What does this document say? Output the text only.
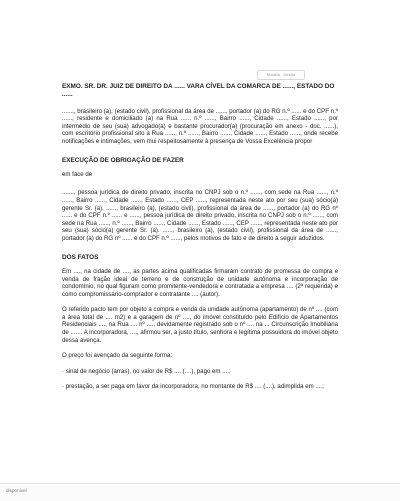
Modelo - Direito

EXMO. SR. DR. JUIZ DE DIREITO DA ...... VARA CÍVEL DA COMARCA DE ......, ESTADO DO ......

......., brasileiro (a), (estado civil), profissional da área de ......, portador (a) do RG n.º ...... e do CPF n.º ......, residente e domiciliado (a) na Rua ...... n.º ......, Bairro ......, Cidade ......, Estado ......, por intermédio de seu (sua) advogado(a) e bastante procurador(a) (procuração em anexo - doc. ......), com escritório profissional sito à Rua ......, n.º ......, Bairro ......, Cidade ......, Estado ......, onde recebe notificações e intimações, vem mui respeitosamente à presença de Vossa Excelência propor

EXECUÇÃO DE OBRIGAÇÃO DE FAZER

em face de

......., pessoa jurídica de direito privado, inscrita no CNPJ sob o n.º ......, com sede na Rua ......, n.º ......, Bairro ......, Cidade ......, Estado ......, CEP ......, representada neste ato por seu (sua) sócio(a) gerente Sr. (a). ......, brasileiro (a), (estado civil), profissional da área de ......, portador (a) do RG nº ...... e do CPF n.º ...... e ......, pessoa jurídica de direito privado, inscrita no CNPJ sob o n.º ......, com sede na Rua ......, n.º ......, Bairro ......, Cidade ......, Estado ......, CEP ......, representada neste ato por seu (sua) sócio(a) gerente Sr. (a). ......, brasileiro (a), (estado civil), profissional da área de ......, portador (a) do RG nº ...... e do CPF n.º ......, pelos motivos de fato e de direito a seguir aduzidos.

DOS FATOS

Em ...., na cidade de ...., as partes acima qualificadas firmaram contrato de promessa de compra e venda de fração ideal de terreno e de construção de unidade autônoma e incorporação de condomínio, no qual figuram como promitente-vendedora e contratada a empresa .... (2ª requerida) e como compromissário-comprador e contratante .... (autor).

O referido pacto tem por objeto a compra e venda da unidade autônoma (apartamento) de nº .... (com a área total de .... m2) e a garagem de nº ...., do imóvel constituído pelo Edifício de Apartamentos Residenciais ...., na Rua .... nº ...., devidamente registrado sob o nº .... na ... Circunscrição Imobiliária de ....... A incorporadora, ...., afirmou ser, a justo título, senhora e legítima possuidora do imóvel objeto dessa avença.

O preço foi avençado da seguinte forma:

· sinal de negócio (arras), no valor de R$ .... (....), pago em ....;

· prestação, a ser paga em favor da incorporadora, no montante de R$ .... (....), adimplida em ....;

disponível
